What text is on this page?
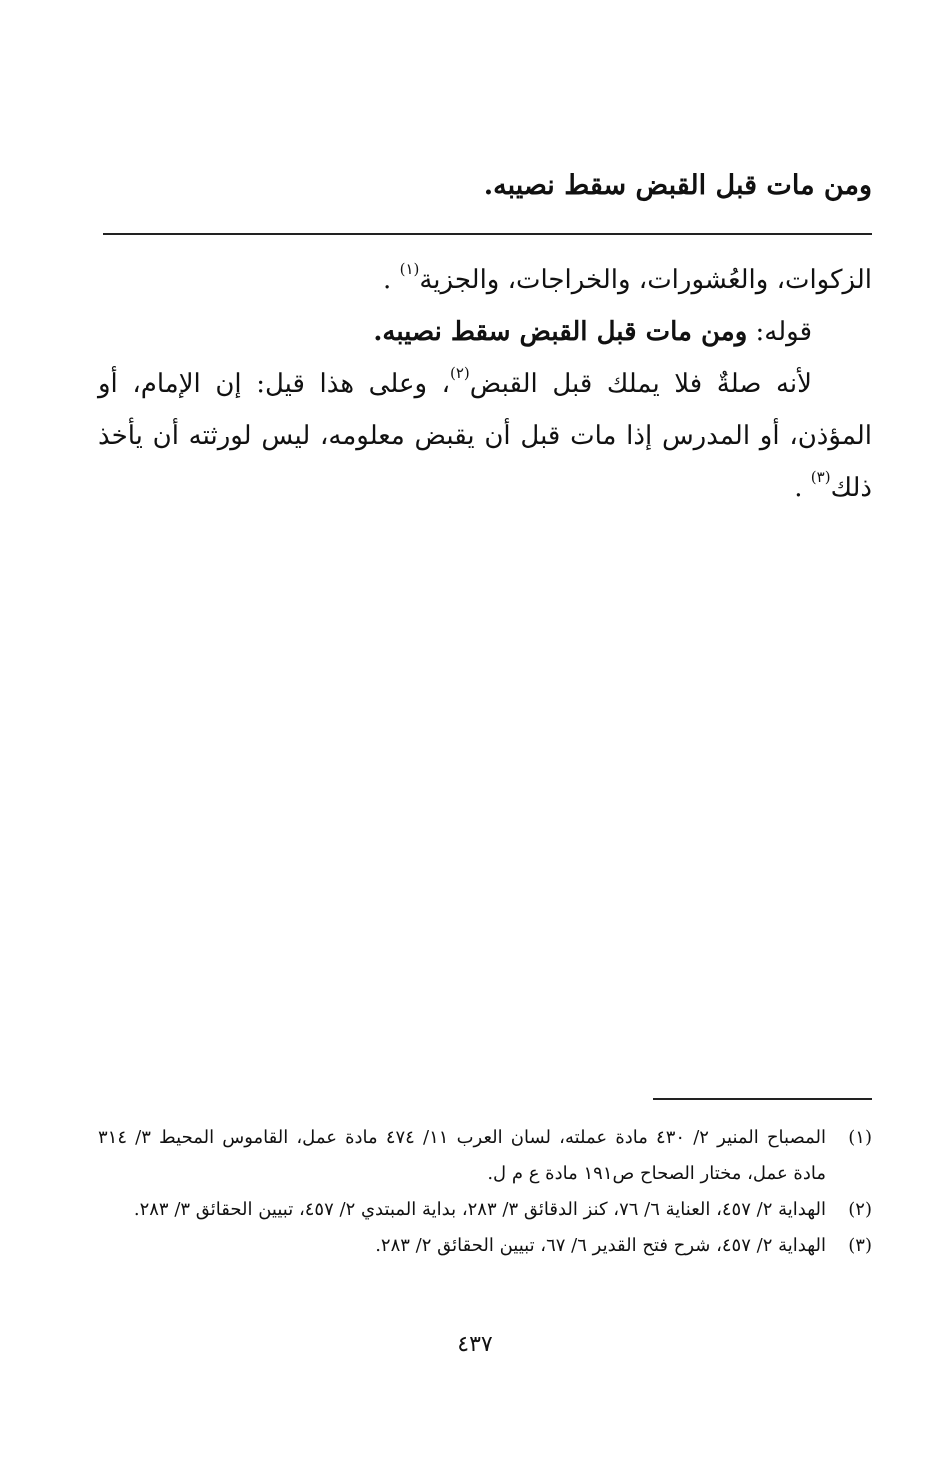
ومن مات قبل القبض سقط نصيبه.

الزكوات، والعُشورات، والخراجات، والجزية$^{(١)}$ .

قوله: ومن مات قبل القبض سقط نصيبه.

لأنه صلةٌ فلا يملك قبل القبض$^{(٢)}$، وعلى هذا قيل: إن الإمام، أو المؤذن، أو المدرس إذا مات قبل أن يقبض معلومه، ليس لورثته أن يأخذ ذلك$^{(٣)}$ .

(١)
المصباح المنير ٢/ ٤٣٠ مادة عملته، لسان العرب ١١/ ٤٧٤ مادة عمل، القاموس المحيط ٣/ ٣١٤ مادة عمل، مختار الصحاح ص١٩١ مادة ع م ل.
(٢)
الهداية ٢/ ٤٥٧، العناية ٦/ ٧٦، كنز الدقائق ٣/ ٢٨٣، بداية المبتدي ٢/ ٤٥٧، تبيين الحقائق ٣/ ٢٨٣.
(٣)
الهداية ٢/ ٤٥٧، شرح فتح القدير ٦/ ٦٧، تبيين الحقائق ٢/ ٢٨٣.
٤٣٧
